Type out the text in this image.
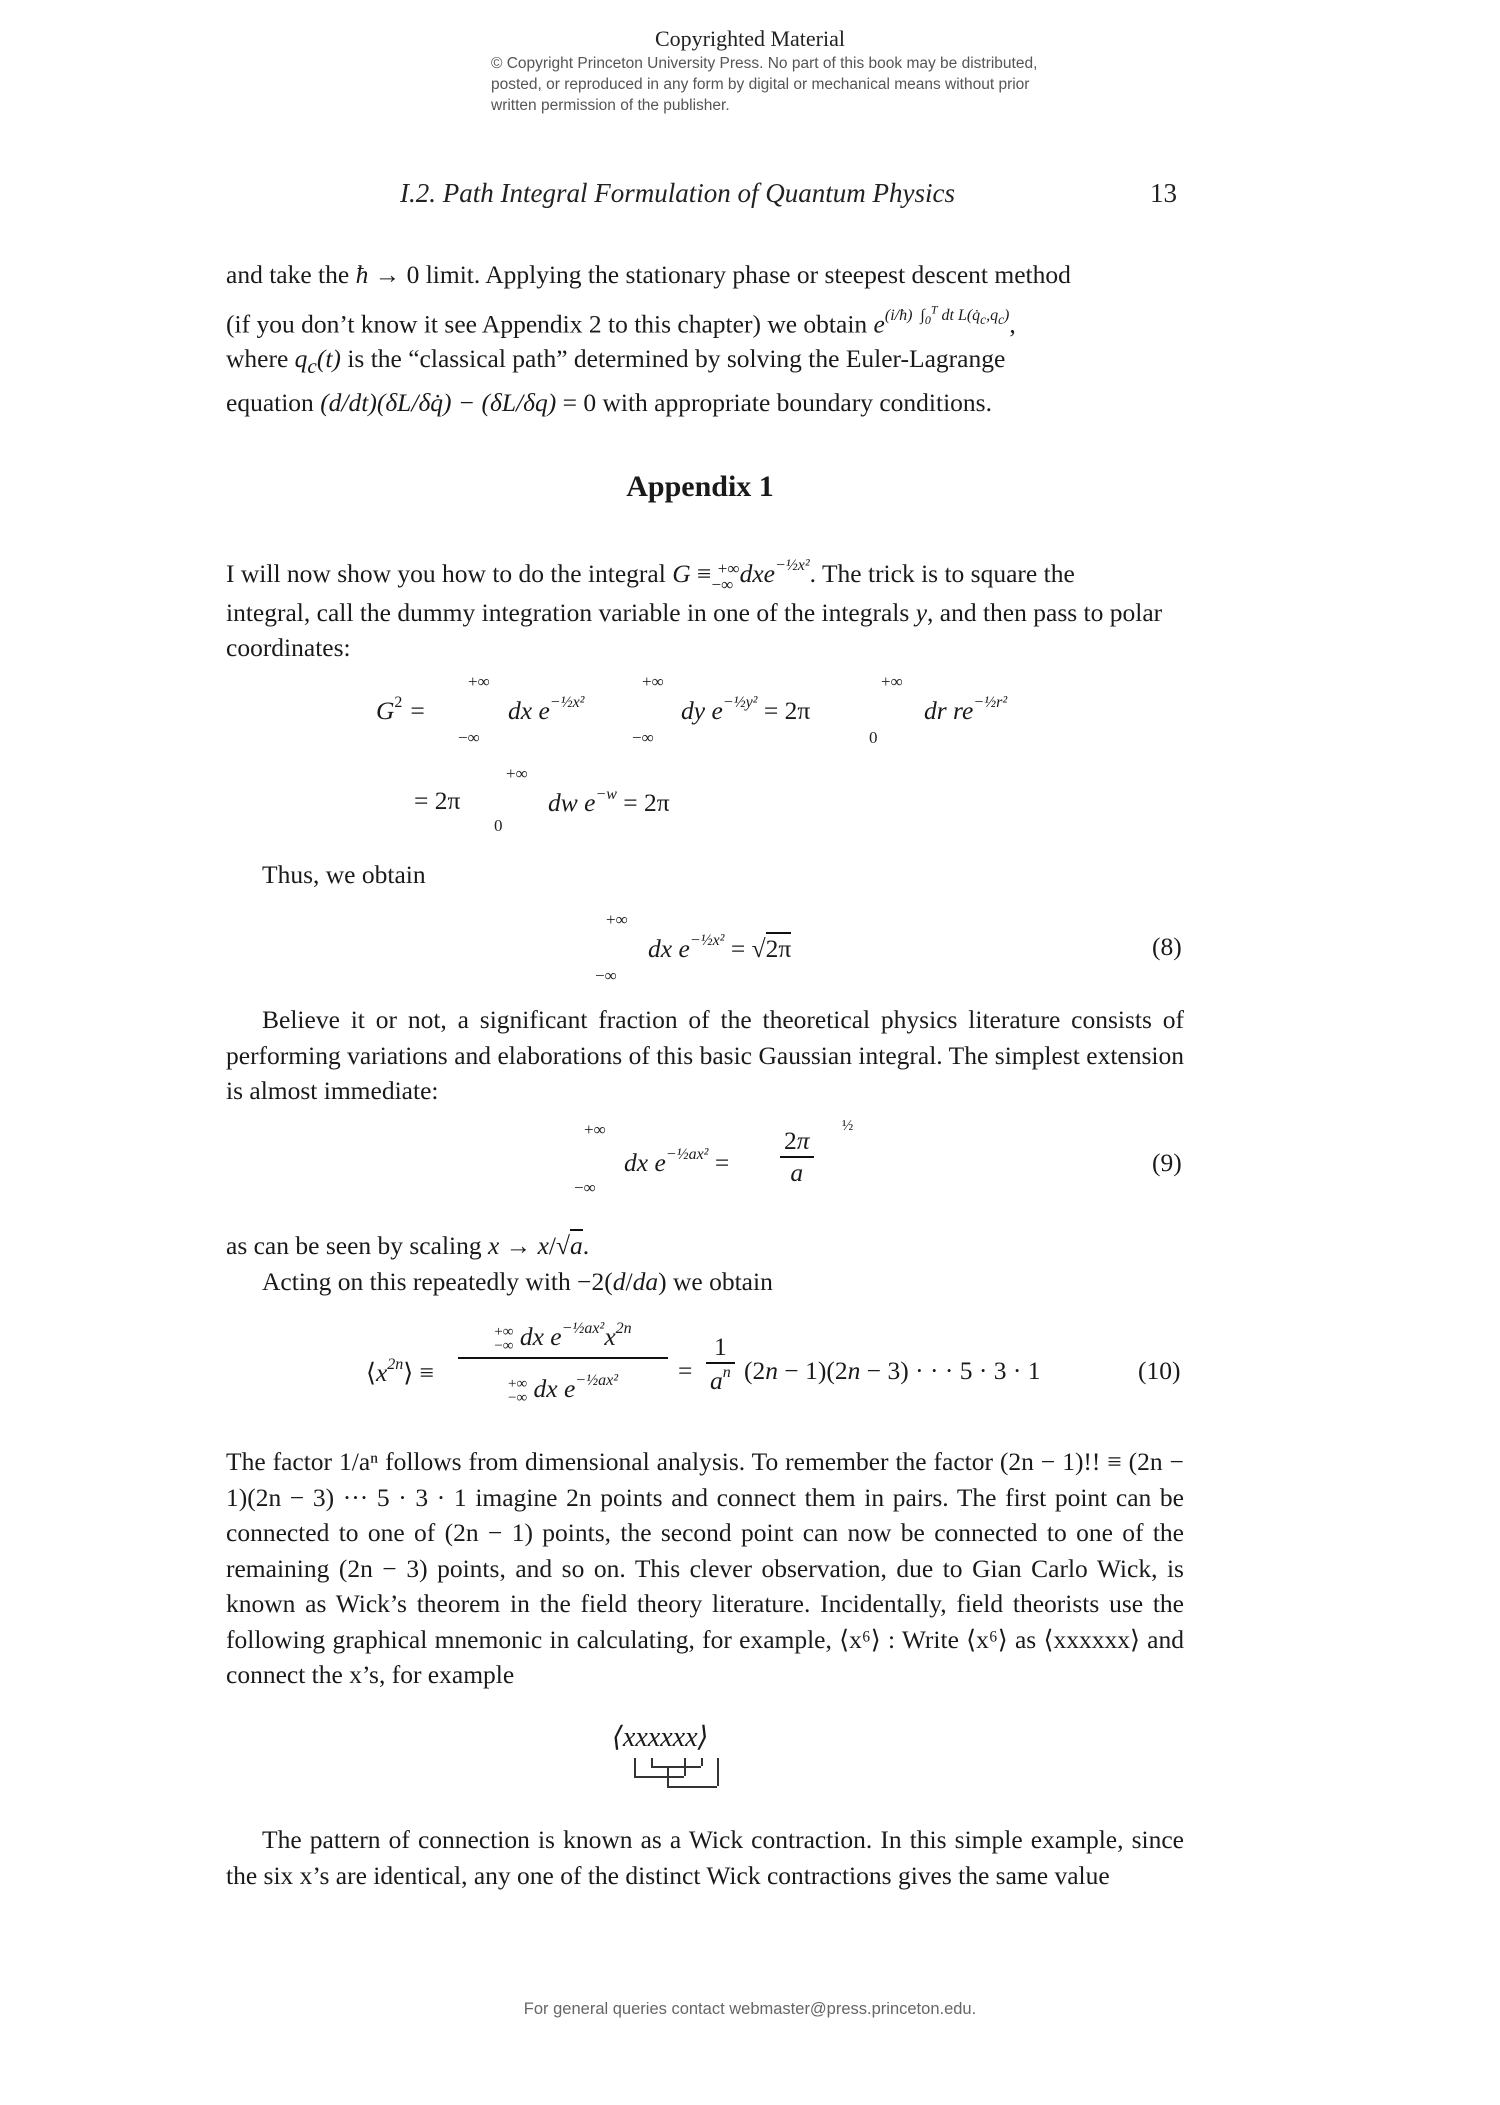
Copyrighted Material
© Copyright Princeton University Press. No part of this book may be distributed, posted, or reproduced in any form by digital or mechanical means without prior written permission of the publisher.
I.2. Path Integral Formulation of Quantum Physics	13
and take the ħ → 0 limit. Applying the stationary phase or steepest descent method
(if you don’t know it see Appendix 2 to this chapter) we obtain $e^{(i/ħ) \int_0^T dt L(q̇_c,q_c)}$,
where $q_c(t)$ is the “classical path” determined by solving the Euler-Lagrange
equation (d/dt)(δL/δq̇) − (δL/δq) = 0 with appropriate boundary conditions.
Appendix 1
I will now show you how to do the integral G ≡ +∞$_{-\infty}$ dxe$^{-\frac{1}{2}x^2}$. The trick is to square the
integral, call the dummy integration variable in one of the integrals y, and then pass to polar
coordinates:
$G^2$ =
+∞
−∞
dx $e^{-\frac{1}{2}x^2}$
+∞
−∞
dy $e^{-\frac{1}{2}y^2} = 2\pi$
+∞
0
dr $re^{-\frac{1}{2}r^2}$
= 2π
+∞
0
dw $e^{-w} = 2\pi$
Thus, we obtain
+∞
−∞
dx $e^{-\frac{1}{2}x^2} = √2\pi$	(8)
Believe it or not, a significant fraction of the theoretical physics literature consists of performing variations and elaborations of this basic Gaussian integral. The simplest extension is almost immediate:
+∞
−∞
dx $e^{-\frac{1}{2}ax^2} = \frac{2\pi}{a}$ ½
(9)
as can be seen by scaling x → x/√a.
Acting on this repeatedly with −2(d/da) we obtain
$⟨x^{2n}⟩$ ≡
+∞
−∞ dx $e^{-\frac{1}{2}ax^2}x^{2n}$
+∞
−∞ dx $e^{-\frac{1}{2}ax^2}$	= $\frac{1}{a^n} (2n - 1)(2n - 3)$ · · · 5 · 3 · 1	(10)
The factor 1/aⁿ follows from dimensional analysis. To remember the factor (2n − 1)!! ≡ (2n − 1)(2n − 3) ··· 5 · 3 · 1 imagine 2n points and connect them in pairs. The first point can be connected to one of (2n − 1) points, the second point can now be connected to one of the remaining (2n − 3) points, and so on. This clever observation, due to Gian Carlo Wick, is known as Wick’s theorem in the field theory literature. Incidentally, field theorists use the following graphical mnemonic in calculating, for example, ⟨x⁶⟩ : Write ⟨x⁶⟩ as ⟨xxxxxx⟩ and connect the x’s, for example
⟨xxxxxx⟩
The pattern of connection is known as a Wick contraction. In this simple example, since the six x’s are identical, any one of the distinct Wick contractions gives the same value
For general queries contact webmaster@press.princeton.edu.
